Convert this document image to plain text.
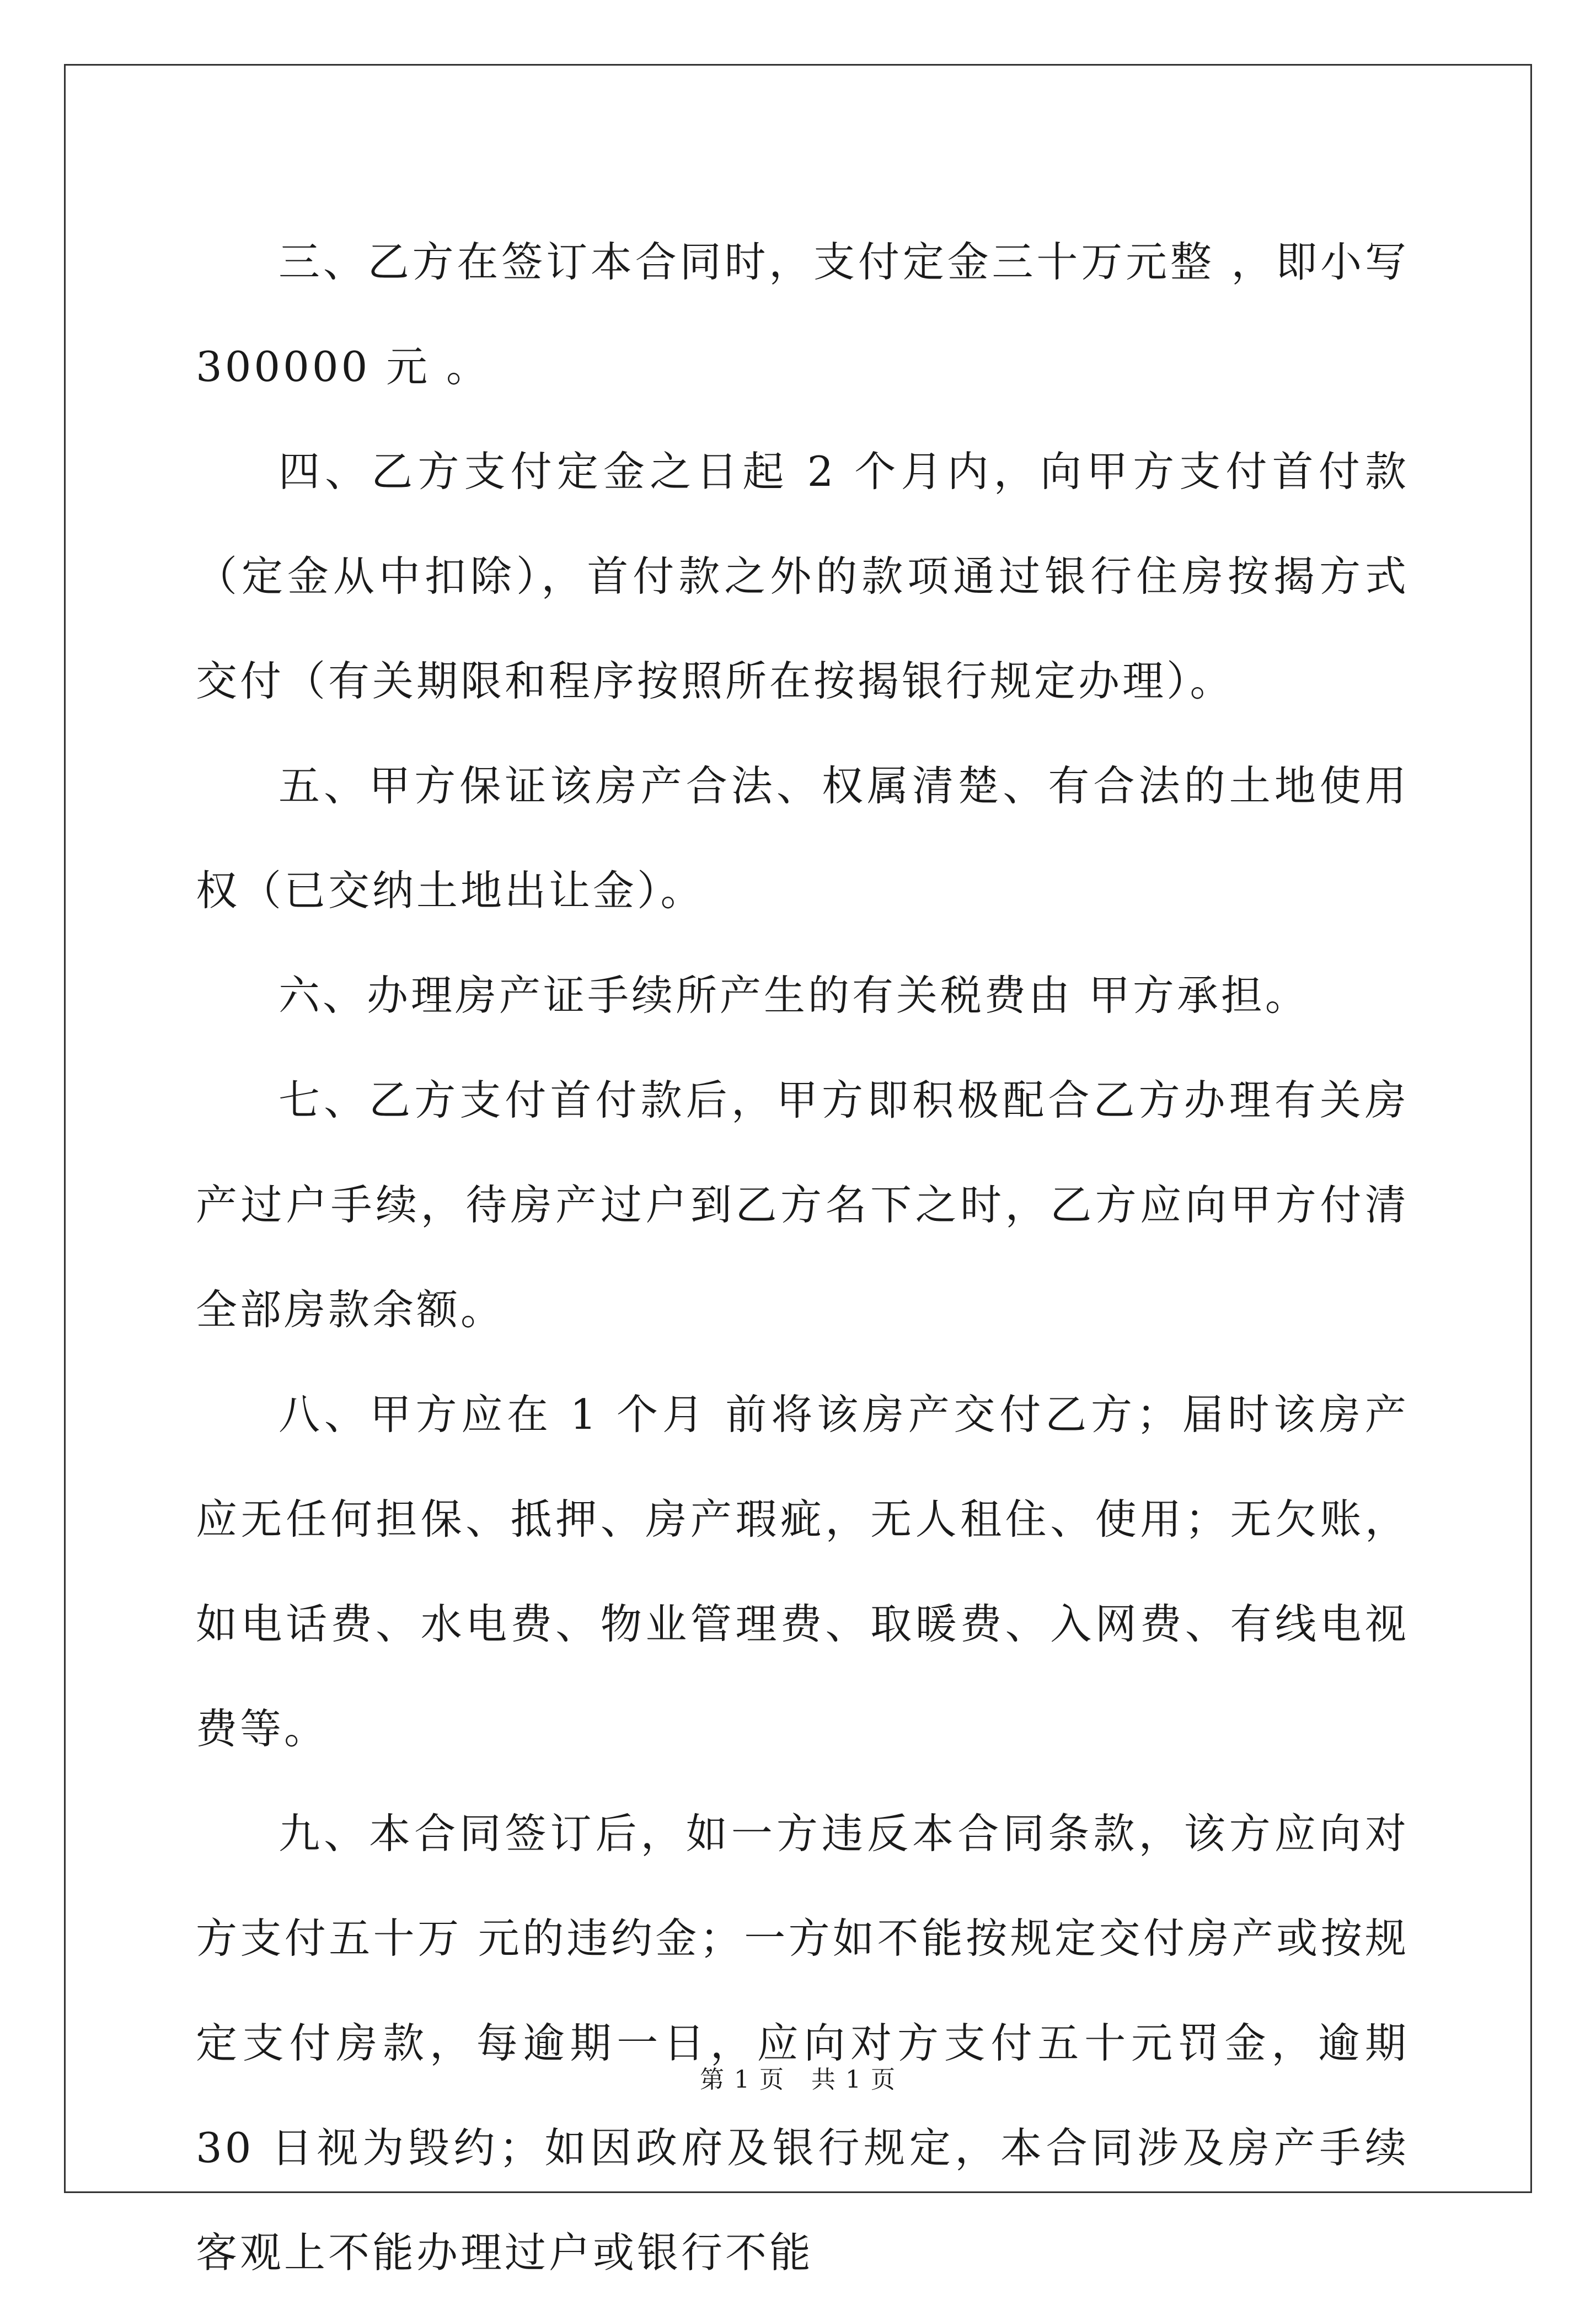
三、乙方在签订本合同时，支付定金三十万元整 ，即小写 300000 元 。

四、乙方支付定金之日起 2 个月内，向甲方支付首付款（定金从中扣除），首付款之外的款项通过银行住房按揭方式交付（有关期限和程序按照所在按揭银行规定办理）。

五、甲方保证该房产合法、权属清楚、有合法的土地使用权（已交纳土地出让金）。

六、办理房产证手续所产生的有关税费由 甲方承担。

七、乙方支付首付款后，甲方即积极配合乙方办理有关房产过户手续，待房产过户到乙方名下之时，乙方应向甲方付清全部房款余额。

八、甲方应在 1 个月 前将该房产交付乙方；届时该房产应无任何担保、抵押、房产瑕疵，无人租住、使用；无欠账，如电话费、水电费、物业管理费、取暖费、入网费、有线电视费等。

九、本合同签订后，如一方违反本合同条款，该方应向对方支付五十万 元的违约金；一方如不能按规定交付房产或按规定支付房款，每逾期一日，应向对方支付五十元罚金，逾期 30 日视为毁约；如因政府及银行规定，本合同涉及房产手续客观上不能办理过户或银行不能

第 1 页   共 1 页
